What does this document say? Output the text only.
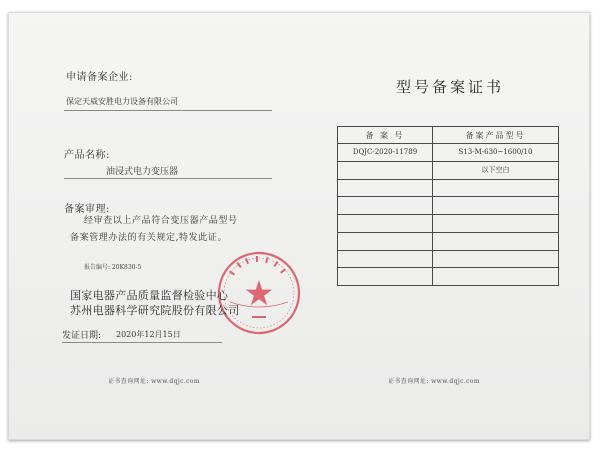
申请备案企业:
保定天威安胜电力设备有限公司
产品名称:
油浸式电力变压器
备案审理:
经审查以上产品符合变压器产品型号
备案管理办法的有关规定,特发此证。
报告编号: 20K830-5
国家电器产品质量监督检验中心
苏州电器科学研究院股份有限公司
发证日期: 2020年12月15日
型号备案证书
备 案 号	备案产品型号
DQJC-2020-11789	S13-M-630~1600/10
	以下空白

证书查询网址: www.dqjc.com	证书查询网址: www.dqjc.com
